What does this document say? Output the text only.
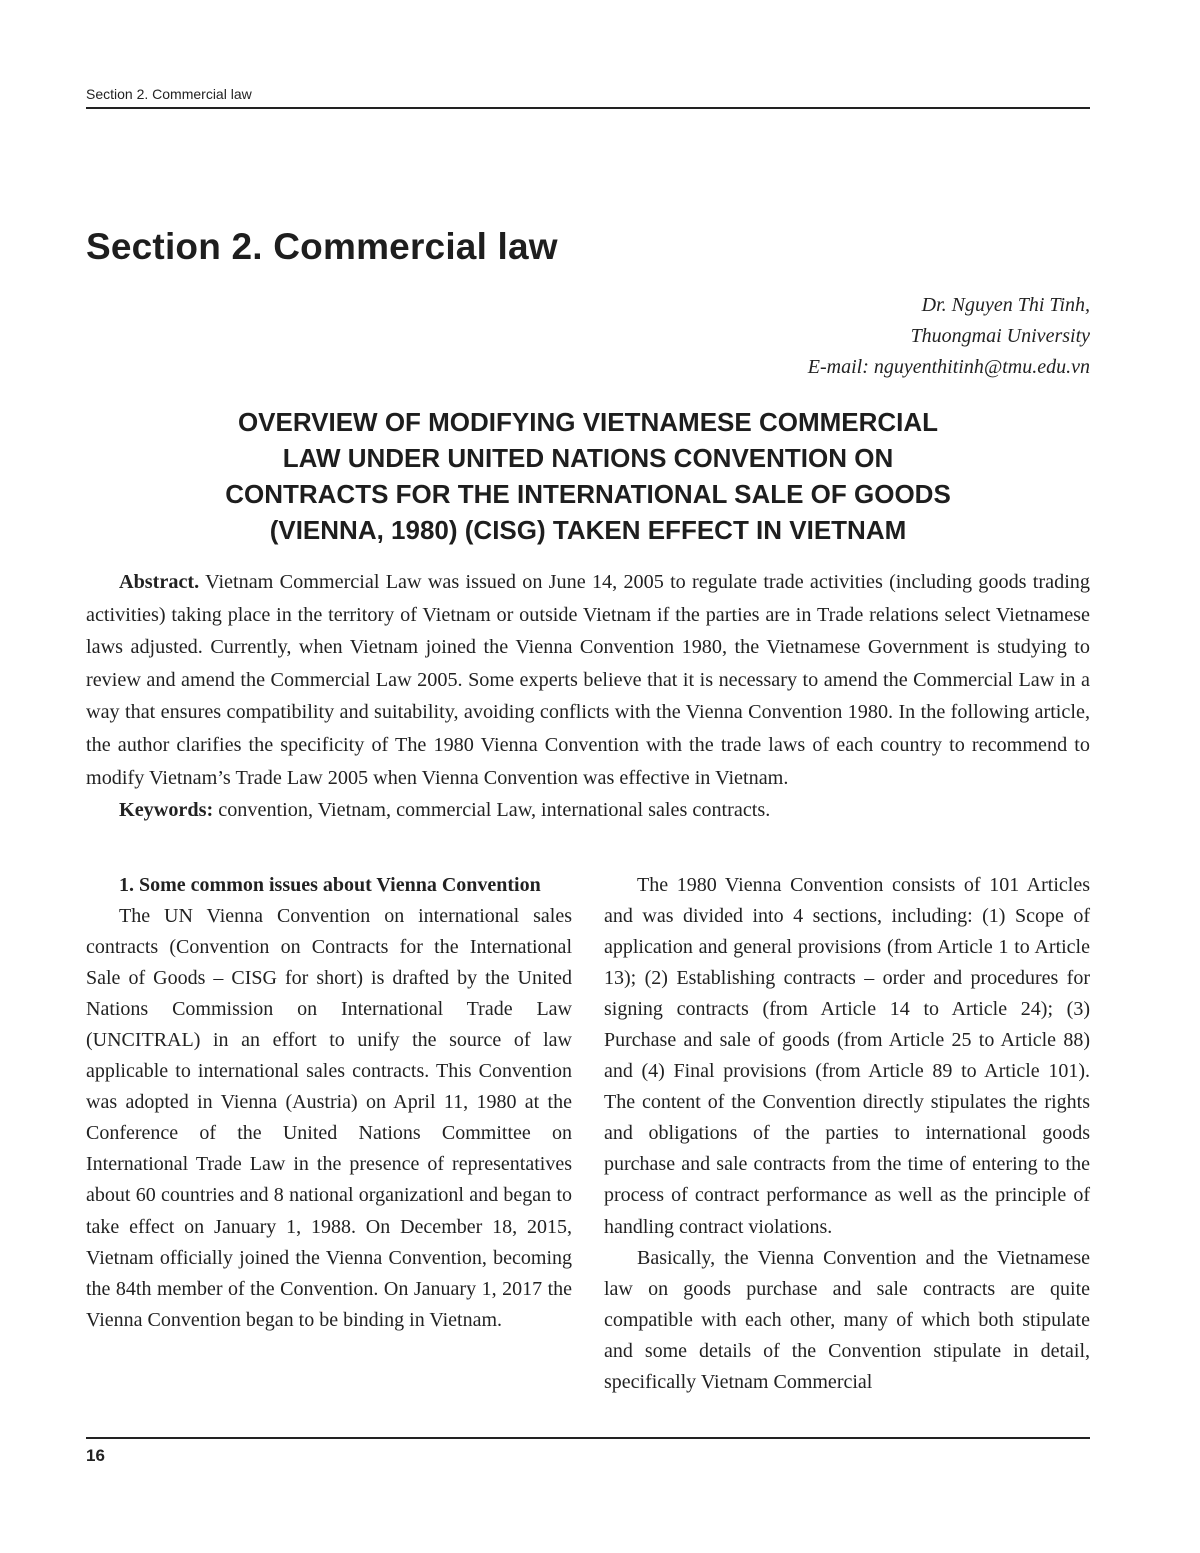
Section 2. Commercial law
Section 2. Commercial law
Dr. Nguyen Thi Tinh,
Thuongmai University
E-mail: nguyenthitinh@tmu.edu.vn
OVERVIEW OF MODIFYING VIETNAMESE COMMERCIAL
LAW UNDER UNITED NATIONS CONVENTION ON
CONTRACTS FOR THE INTERNATIONAL SALE OF GOODS
(VIENNA, 1980) (CISG) TAKEN EFFECT IN VIETNAM

Abstract. Vietnam Commercial Law was issued on June 14, 2005 to regulate trade activities (including goods trading activities) taking place in the territory of Vietnam or outside Vietnam if the parties are in Trade relations select Vietnamese laws adjusted. Currently, when Vietnam joined the Vienna Convention 1980, the Vietnamese Government is studying to review and amend the Commercial Law 2005. Some experts believe that it is necessary to amend the Commercial Law in a way that ensures compatibility and suitability, avoiding conflicts with the Vienna Convention 1980. In the following article, the author clarifies the specificity of The 1980 Vienna Convention with the trade laws of each country to recommend to modify Vietnam’s Trade Law 2005 when Vienna Convention was effective in Vietnam.

Keywords: convention, Vietnam, commercial Law, international sales contracts.

1. Some common issues about Vienna Convention

The UN Vienna Convention on international sales contracts (Convention on Contracts for the International Sale of Goods – CISG for short) is drafted by the United Nations Commission on International Trade Law (UNCITRAL) in an effort to unify the source of law applicable to international sales contracts. This Convention was adopted in Vienna (Austria) on April 11, 1980 at the Conference of the United Nations Committee on International Trade Law in the presence of representatives about 60 countries and 8 national organizationl and began to take effect on January 1, 1988. On December 18, 2015, Vietnam officially joined the Vienna Convention, becoming the 84th member of the Convention. On January 1, 2017 the Vienna Convention began to be binding in Vietnam.

The 1980 Vienna Convention consists of 101 Articles and was divided into 4 sections, including: (1) Scope of application and general provisions (from Article 1 to Article 13); (2) Establishing contracts – order and procedures for signing contracts (from Article 14 to Article 24); (3) Purchase and sale of goods (from Article 25 to Article 88) and (4) Final provisions (from Article 89 to Article 101). The content of the Convention directly stipulates the rights and obligations of the parties to international goods purchase and sale contracts from the time of entering to the process of contract performance as well as the principle of handling contract violations.

Basically, the Vienna Convention and the Vietnamese law on goods purchase and sale contracts are quite compatible with each other, many of which both stipulate and some details of the Convention stipulate in detail, specifically Vietnam Commercial

16
